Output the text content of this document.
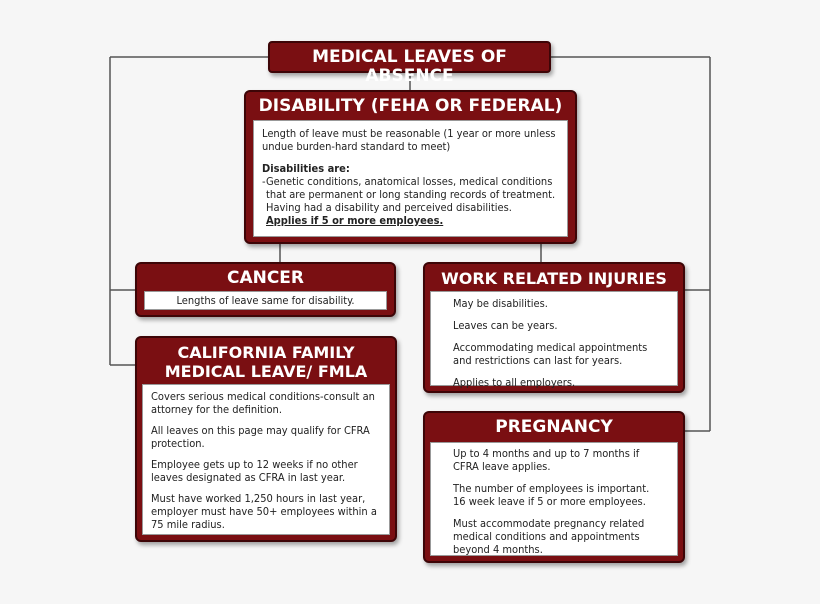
MEDICAL LEAVES OF ABSENCE
DISABILITY (FEHA OR FEDERAL)

Length of leave must be reasonable (1 year or more unless undue burden-hard standard to meet)

Disabilities are:
-Genetic conditions, anatomical losses, medical conditions
that are permanent or long standing records of treatment.
Having had a disability and perceived disabilities.
Applies if 5 or more employees.
CANCER
Lengths of leave same for disability.
WORK RELATED INJURIES

May be disabilities.

Leaves can be years.

Accommodating medical appointments and restrictions can last for years.

Applies to all employers.

CALIFORNIA FAMILY MEDICAL LEAVE/ FMLA

Covers serious medical conditions-consult an attorney for the definition.

All leaves on this page may qualify for CFRA protection.

Employee gets up to 12 weeks if no other leaves designated as CFRA in last year.

Must have worked 1,250 hours in last year, employer must have 50+ employees within a 75 mile radius.

PREGNANCY

Up to 4 months and up to 7 months if CFRA leave applies.

The number of employees is important. 16 week leave if 5 or more employees.

Must accommodate pregnancy related medical conditions and appointments beyond 4 months.
